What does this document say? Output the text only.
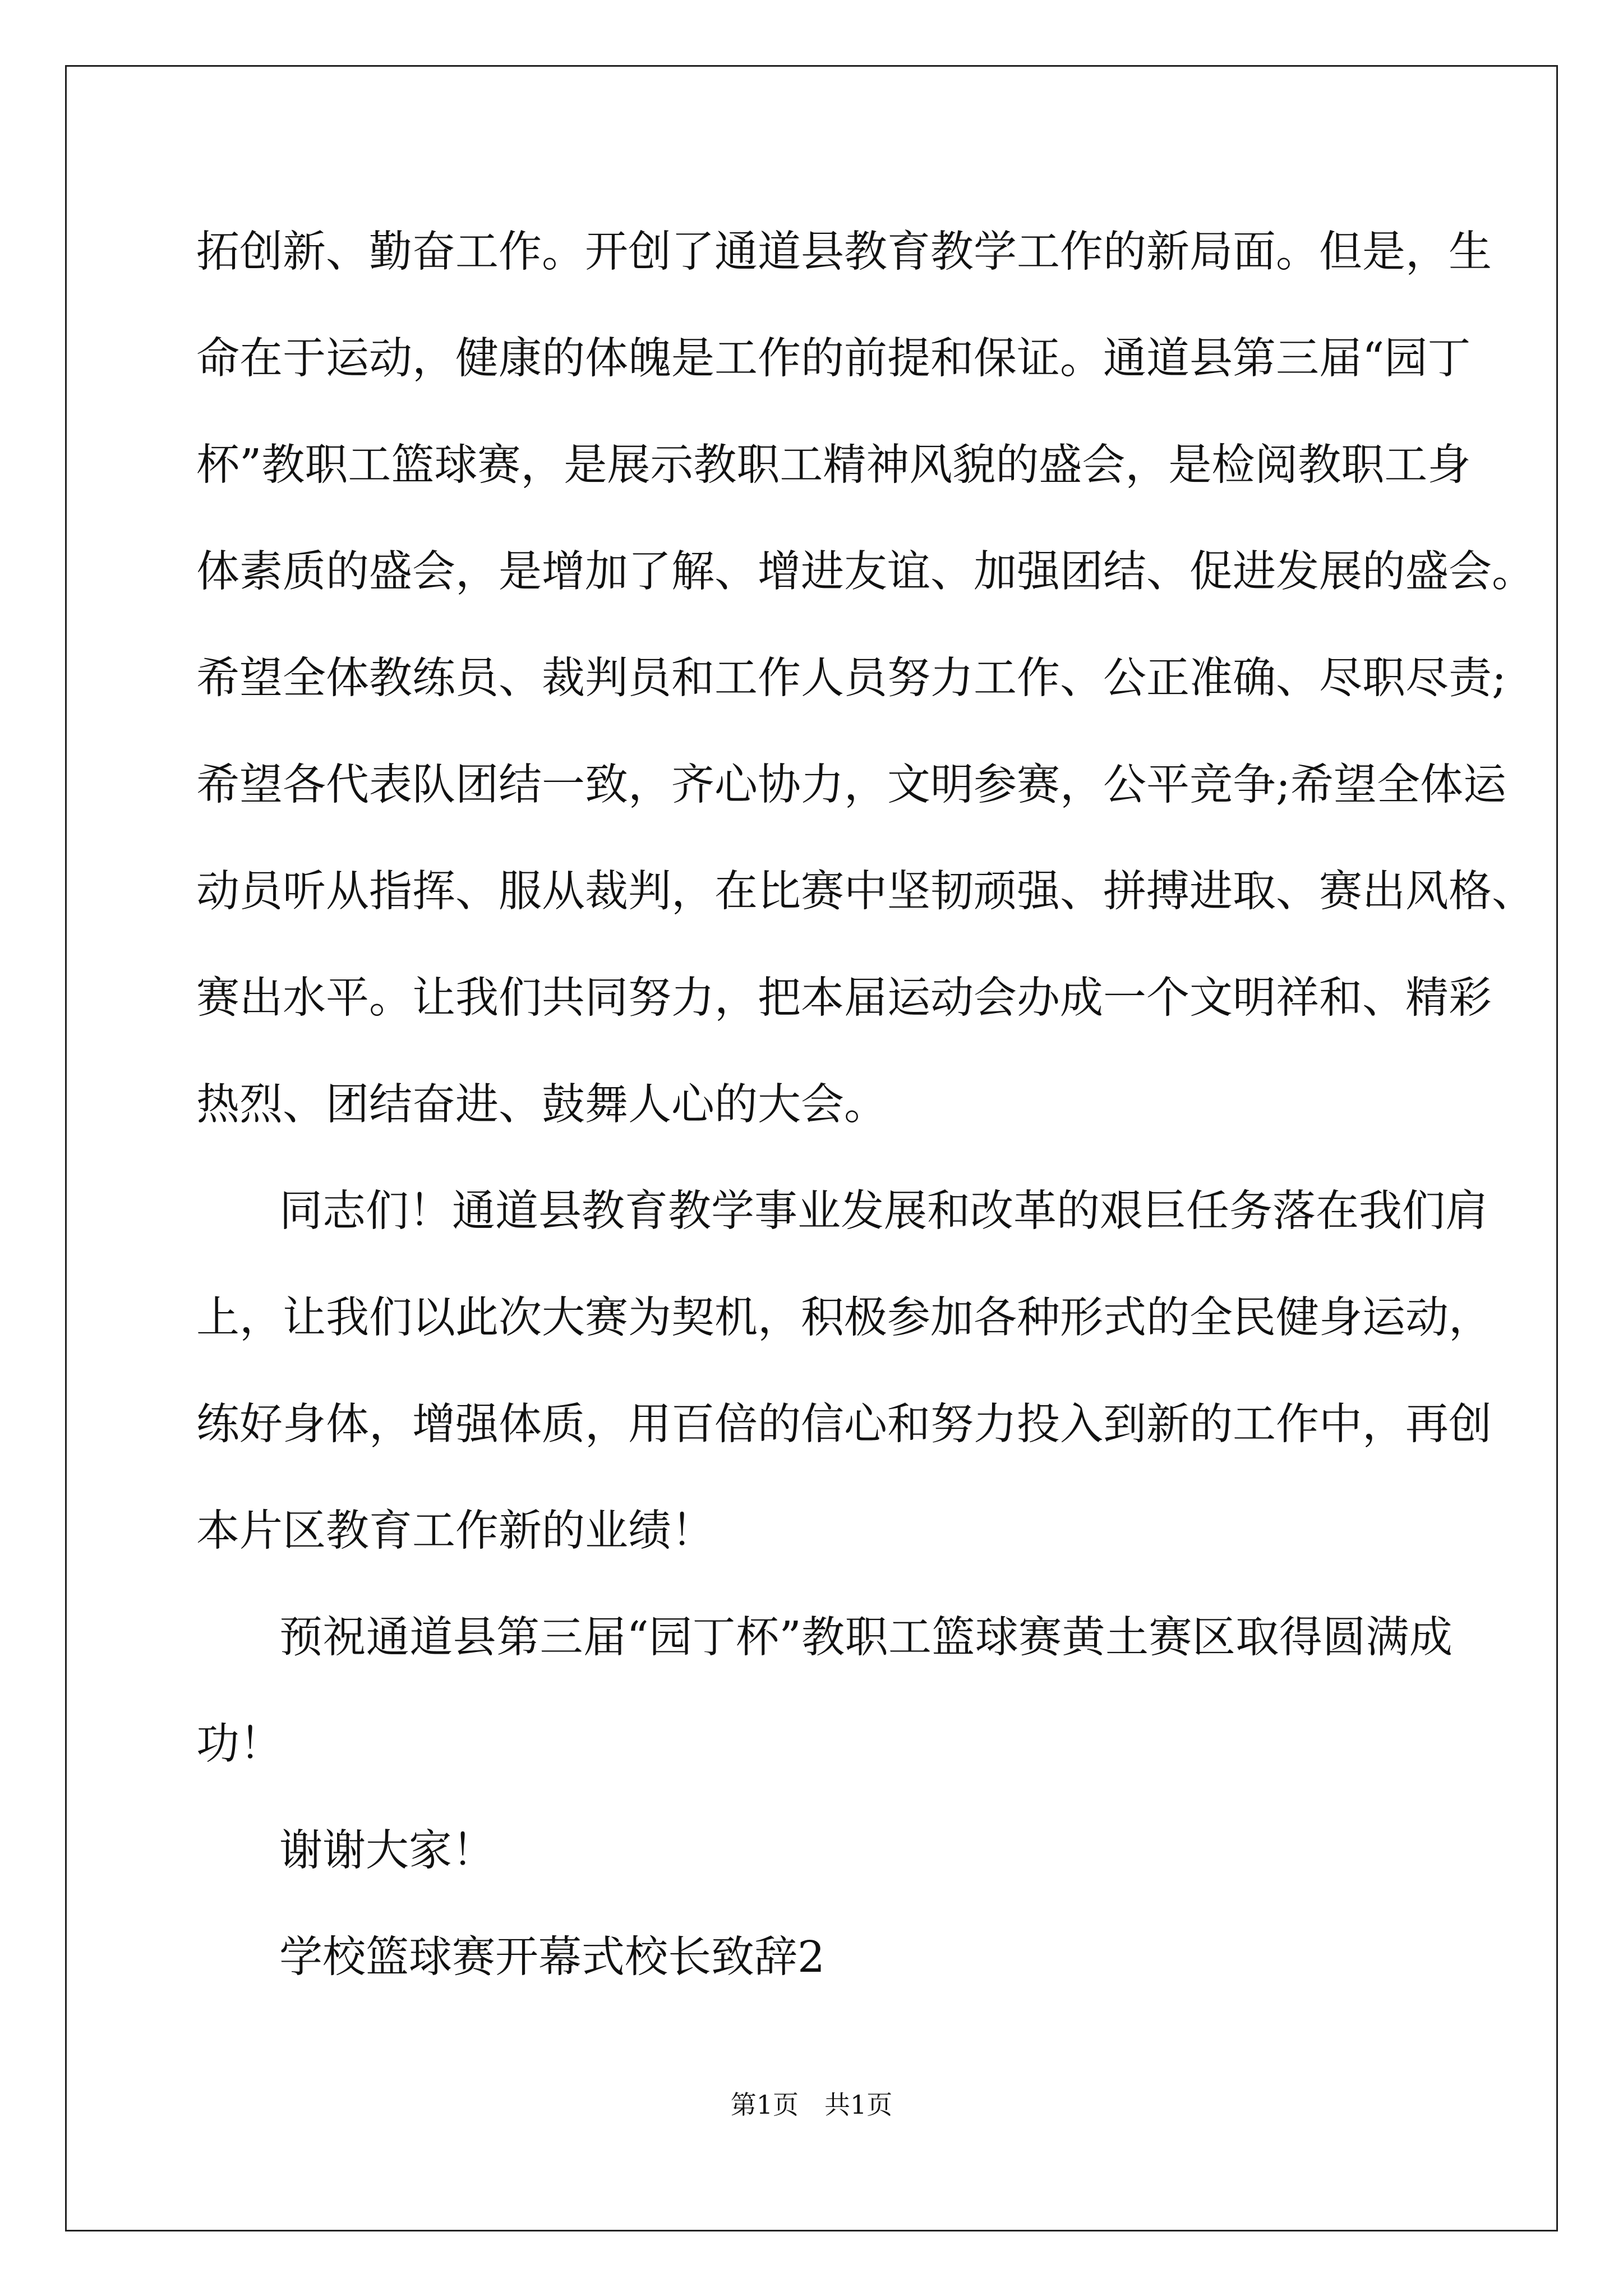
拓创新、勤奋工作。开创了通道县教育教学工作的新局面。但是，生
命在于运动，健康的体魄是工作的前提和保证。通道县第三届“园丁
杯”教职工篮球赛，是展示教职工精神风貌的盛会，是检阅教职工身
体素质的盛会，是增加了解、增进友谊、加强团结、促进发展的盛会。
希望全体教练员、裁判员和工作人员努力工作、公正准确、尽职尽责;
希望各代表队团结一致，齐心协力，文明参赛，公平竞争;希望全体运
动员听从指挥、服从裁判，在比赛中坚韧顽强、拼搏进取、赛出风格、
赛出水平。让我们共同努力，把本届运动会办成一个文明祥和、精彩
热烈、团结奋进、鼓舞人心的大会。
同志们！通道县教育教学事业发展和改革的艰巨任务落在我们肩
上，让我们以此次大赛为契机，积极参加各种形式的全民健身运动，
练好身体，增强体质，用百倍的信心和努力投入到新的工作中，再创
本片区教育工作新的业绩！
预祝通道县第三届“园丁杯”教职工篮球赛黄土赛区取得圆满成
功！
谢谢大家！
学校篮球赛开幕式校长致辞2
第1页　共1页
